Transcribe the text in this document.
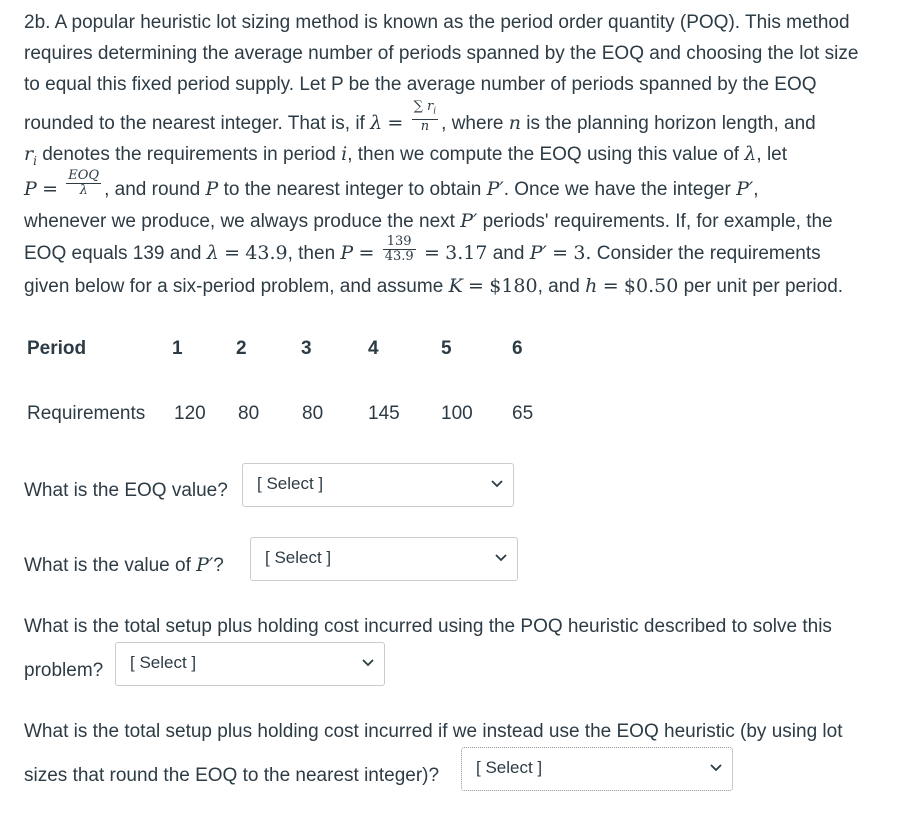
2b. A popular heuristic lot sizing method is known as the period order quantity (POQ). This method
requires determining the average number of periods spanned by the EOQ and choosing the lot size
to equal this fixed period supply. Let P be the average number of periods spanned by the EOQ
rounded to the nearest integer. That is, if $\lambda = \frac{\sum r_i}{n}$ , where n is the planning horizon length, and
$r_i$ denotes the requirements in period i, then we compute the EOQ using this value of λ, let
$P = \frac{\text{EOQ}}{\lambda}$ , and round P to the nearest integer to obtain P′. Once we have the integer P′,
whenever we produce, we always produce the next P′ periods' requirements. If, for example, the
EOQ equals 139 and λ = 43.9, then $P = \frac{139}{43.9} = 3.17$ and P′ = 3. Consider the requirements
given below for a six-period problem, and assume K = $180, and h = $0.50 per unit per period.
Period	1	2	3	4	5	6
Requirements 120 80 80 145 100 65
What is the EOQ value? [ Select ]
What is the value of P′? [ Select ]
What is the total setup plus holding cost incurred using the POQ heuristic described to solve this
problem? [ Select ]
What is the total setup plus holding cost incurred if we instead use the EOQ heuristic (by using lot
sizes that round the EOQ to the nearest integer)? [ Select ]
